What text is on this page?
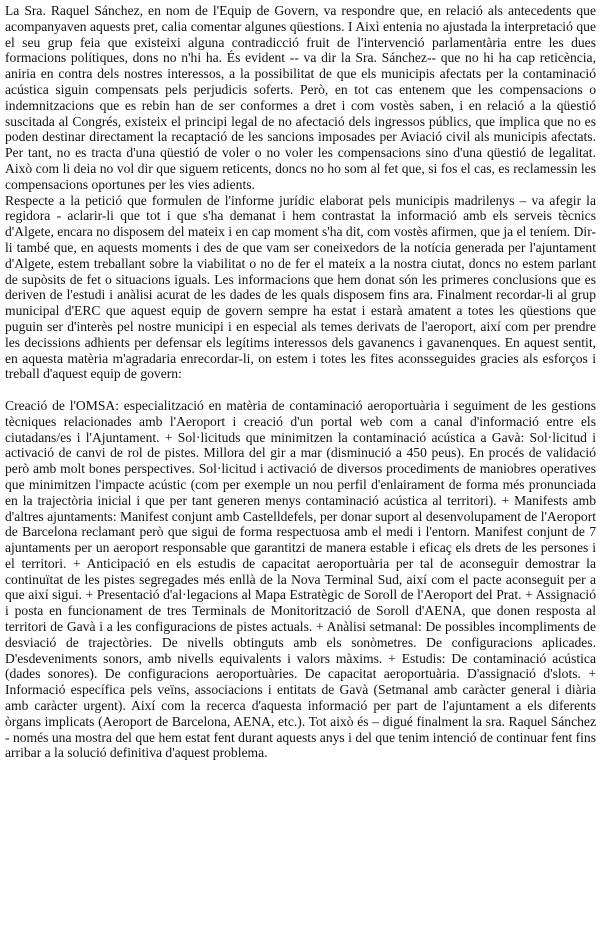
La Sra. Raquel Sánchez, en nom de l'Equip de Govern, va respondre que, en relació als antecedents que acompanyaven aquests pret, calia comentar algunes qüestions. I Aixì entenia no ajustada la interpretació que el seu grup feia que existeixi alguna contradicció fruit de l'intervenció parlamentària entre les dues formacions polítiques, dons no n'hi ha. És evident -- va dir la Sra. Sánchez-- que no hi ha cap reticència, aniria en contra dels nostres interessos, a la possibilitat de que els municipis afectats per la contaminació acústica siguin compensats pels perjudicis soferts. Però, en tot cas entenem que les compensacions o indemnitzacions que es rebin han de ser conformes a dret i com vostès saben, i en relació a la qüestió suscitada al Congrés, existeix el principi legal de no afectació dels ingressos públics, que implica que no es poden destinar directament la recaptació de les sancions imposades per Aviació civil als municipis afectats. Per tant, no es tracta d'una qüestió de voler o no voler les compensacions sino d'una qüestió de legalitat. Això com li deia no vol dir que siguem reticents, doncs no ho som al fet que, si fos el cas, es reclamessin les compensacions oportunes per les vies adients.
Respecte a la petició que formulen de l'informe jurídic elaborat pels municipis madrilenys – va afegir la regidora - aclarir-li que tot i que s'ha demanat i hem contrastat la informació amb els serveis tècnics d'Algete, encara no disposem del mateix i en cap moment s'ha dit, com vostès afirmen, que ja el teníem. Dir-li també que, en aquests moments i des de que vam ser coneixedors de la notícia generada per l'ajuntament d'Algete, estem treballant sobre la viabilitat o no de fer el mateix a la nostra ciutat, doncs no estem parlant de supòsits de fet o situacions iguals. Les informacions que hem donat són les primeres conclusions que es deriven de l'estudi i anàlisi acurat de les dades de les quals disposem fins ara. Finalment recordar-li al grup municipal d'ERC que aquest equip de govern sempre ha estat i estarà amatent a totes les qüestions que puguin ser d'interès pel nostre municipi i en especial als temes derivats de l'aeroport, així com per prendre les decissions adhients per defensar els legítims interessos dels gavanencs i gavanenques. En aquest sentit, en aquesta matèria m'agradaria enrecordar-li, on estem i totes les fites aconsseguides gracies als esforços i treball d'aquest equip de govern:

Creació de l'OMSA: especialització en matèria de contaminació aeroportuària i seguiment de les gestions tècniques relacionades amb l'Aeroport i creació d'un portal web com a canal d'informació entre els ciutadans/es i l'Ajuntament. + Sol·licituds que minimitzen la contaminació acústica a Gavà: Sol·licitud i activació de canvi de rol de pistes. Millora del gir a mar (disminució a 450 peus). En procés de validació però amb molt bones perspectives. Sol·licitud i activació de diversos procediments de maniobres operatives que minimitzen l'impacte acústic (com per exemple un nou perfil d'enlairament de forma més pronunciada en la trajectòria inicial i que per tant generen menys contaminació acústica al territori). + Manifests amb d'altres ajuntaments: Manifest conjunt amb Castelldefels, per donar suport al desenvolupament de l'Aeroport de Barcelona reclamant però que sigui de forma respectuosa amb el medi i l'entorn. Manifest conjunt de 7 ajuntaments per un aeroport responsable que garantitzi de manera estable i eficaç els drets de les persones i el territori. + Anticipació en els estudis de capacitat aeroportuària per tal de aconseguir demostrar la continuïtat de les pistes segregades més enllà de la Nova Terminal Sud, així com el pacte aconseguit per a que així sigui. + Presentació d'al·legacions al Mapa Estratègic de Soroll de l'Aeroport del Prat. + Assignació i posta en funcionament de tres Terminals de Monitorització de Soroll d'AENA, que donen resposta al territori de Gavà i a les configuracions de pistes actuals. + Anàlisi setmanal: De possibles incompliments de desviació de trajectòries. De nivells obtinguts amb els sonòmetres. De configuracions aplicades. D'esdeveniments sonors, amb nivells equivalents i valors màxims. + Estudis: De contaminació acústica (dades sonores). De configuracions aeroportuàries. De capacitat aeroportuària. D'assignació d'slots. + Informació específica pels veïns, associacions i entitats de Gavà (Setmanal amb caràcter general i diària amb caràcter urgent). Així com la recerca d'aquesta informació per part de l'ajuntament a els diferents òrgans implicats (Aeroport de Barcelona, AENA, etc.). Tot això és – digué finalment la sra. Raquel Sánchez - només una mostra del que hem estat fent durant aquests anys i del que tenim intenció de continuar fent fins arribar a la solució definitiva d'aquest problema.
